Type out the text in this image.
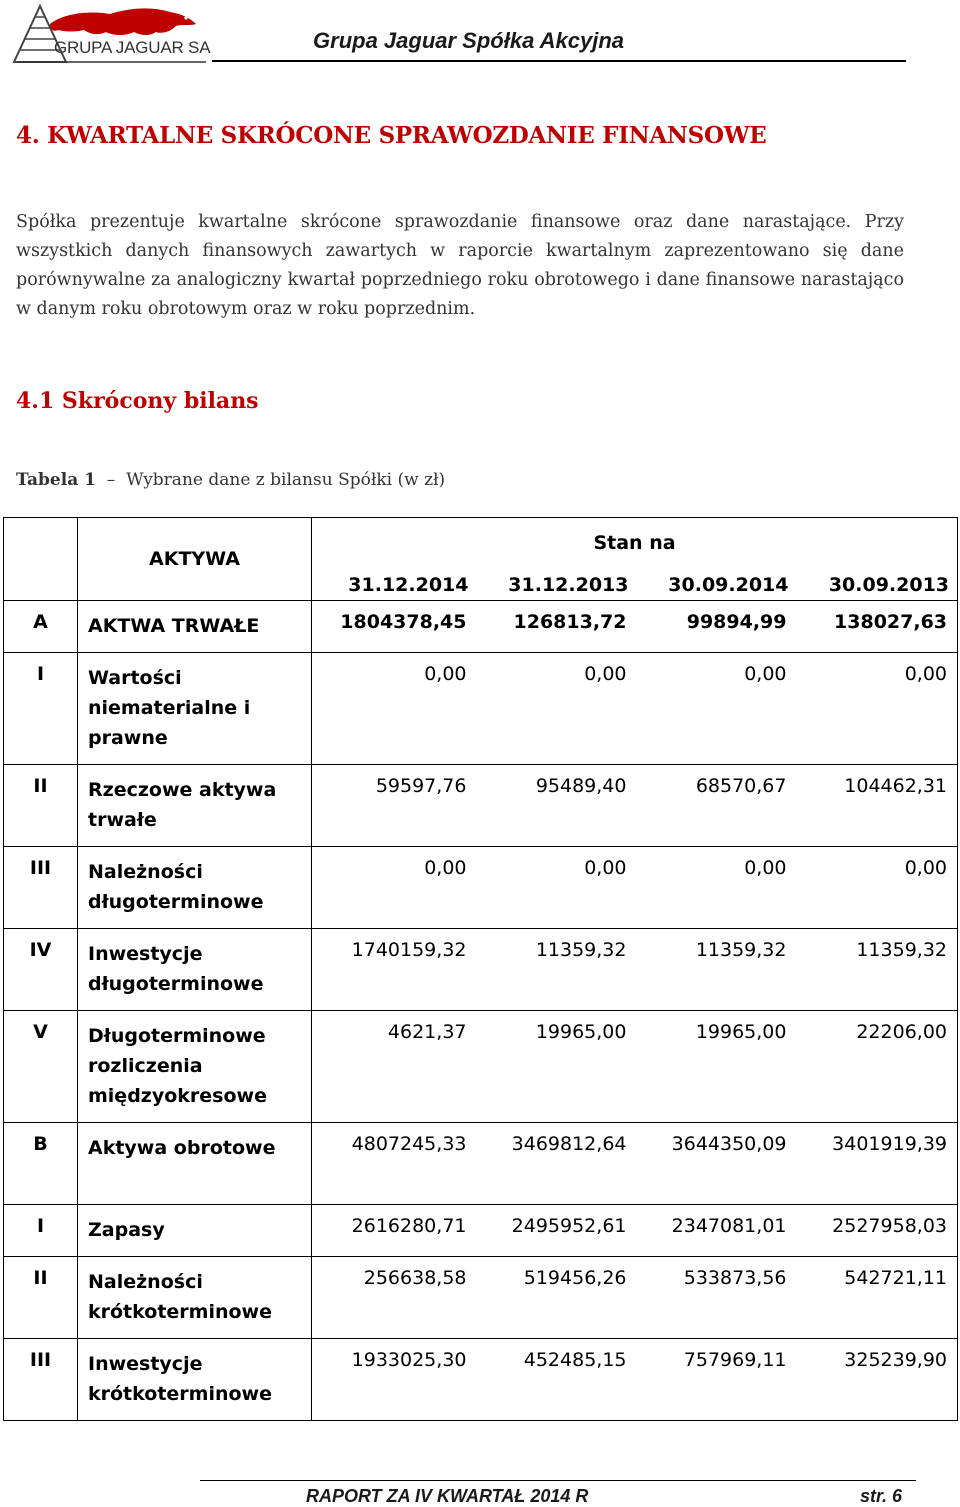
GRUPA JAGUAR SA	Grupa Jaguar Spółka Akcyjna
4. KWARTALNE SKRÓCONE SPRAWOZDANIE FINANSOWE
Spółka prezentuje kwartalne skrócone sprawozdanie finansowe oraz dane narastające. Przy wszystkich danych finansowych zawartych w raporcie kwartalnym zaprezentowano się dane porównywalne za analogiczny kwartał poprzedniego roku obrotowego i dane finansowe narastająco w danym roku obrotowym oraz w roku poprzednim.
4.1 Skrócony bilans
Tabela 1  –  Wybrane dane z bilansu Spółki (w zł)
	AKTYWA	Stan na			
		31.12.2014	31.12.2013	30.09.2014	30.09.2013
A	AKTWA TRWAŁE	1804378,45	126813,72	99894,99	138027,63
I	Wartości niematerialne i prawne	0,00	0,00	0,00	0,00
II	Rzeczowe aktywa trwałe	59597,76	95489,40	68570,67	104462,31
III	Należności długoterminowe	0,00	0,00	0,00	0,00
IV	Inwestycje długoterminowe	1740159,32	11359,32	11359,32	11359,32
V	Długoterminowe rozliczenia międzyokresowe	4621,37	19965,00	19965,00	22206,00
B	Aktywa obrotowe	4807245,33	3469812,64	3644350,09	3401919,39
I	Zapasy	2616280,71	2495952,61	2347081,01	2527958,03
II	Należności krótkoterminowe	256638,58	519456,26	533873,56	542721,11
III	Inwestycje krótkoterminowe	1933025,30	452485,15	757969,11	325239,90
RAPORT ZA IV KWARTAŁ 2014 R	str. 6
